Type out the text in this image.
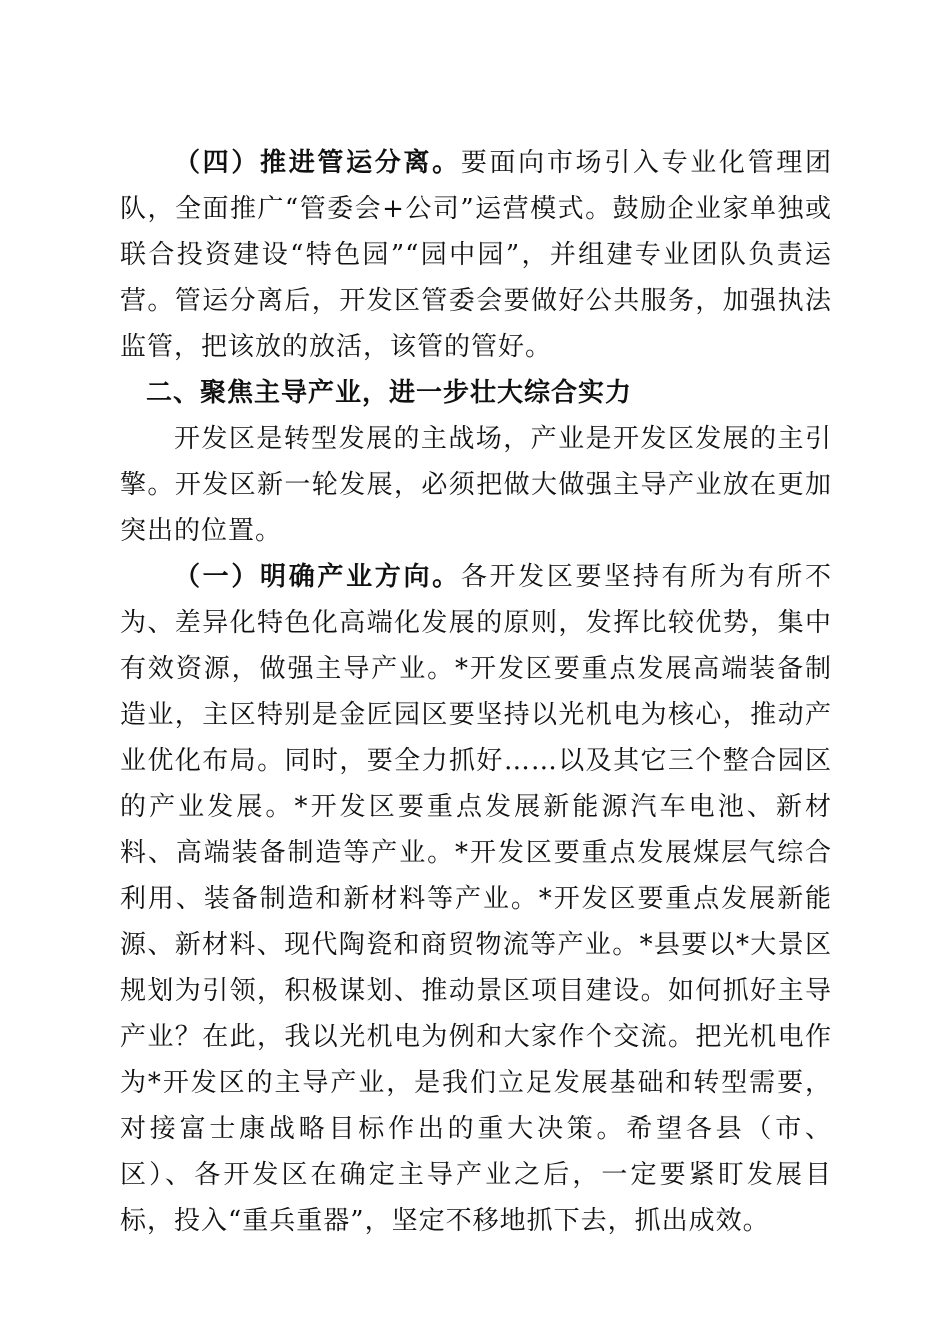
（四）推进管运分离。要面向市场引入专业化管理团队，全面推广“管委会+公司”运营模式。鼓励企业家单独或联合投资建设“特色园”“园中园”，并组建专业团队负责运营。管运分离后，开发区管委会要做好公共服务，加强执法监管，把该放的放活，该管的管好。

二、聚焦主导产业，进一步壮大综合实力

开发区是转型发展的主战场，产业是开发区发展的主引擎。开发区新一轮发展，必须把做大做强主导产业放在更加突出的位置。

（一）明确产业方向。各开发区要坚持有所为有所不为、差异化特色化高端化发展的原则，发挥比较优势，集中有效资源，做强主导产业。*开发区要重点发展高端装备制造业，主区特别是金匠园区要坚持以光机电为核心，推动产业优化布局。同时，要全力抓好……以及其它三个整合园区的产业发展。*开发区要重点发展新能源汽车电池、新材料、高端装备制造等产业。*开发区要重点发展煤层气综合利用、装备制造和新材料等产业。*开发区要重点发展新能源、新材料、现代陶瓷和商贸物流等产业。*县要以*大景区规划为引领，积极谋划、推动景区项目建设。如何抓好主导产业？在此，我以光机电为例和大家作个交流。把光机电作为*开发区的主导产业，是我们立足发展基础和转型需要，对接富士康战略目标作出的重大决策。希望各县（市、区）、各开发区在确定主导产业之后，一定要紧盯发展目标，投入“重兵重器”，坚定不移地抓下去，抓出成效。
